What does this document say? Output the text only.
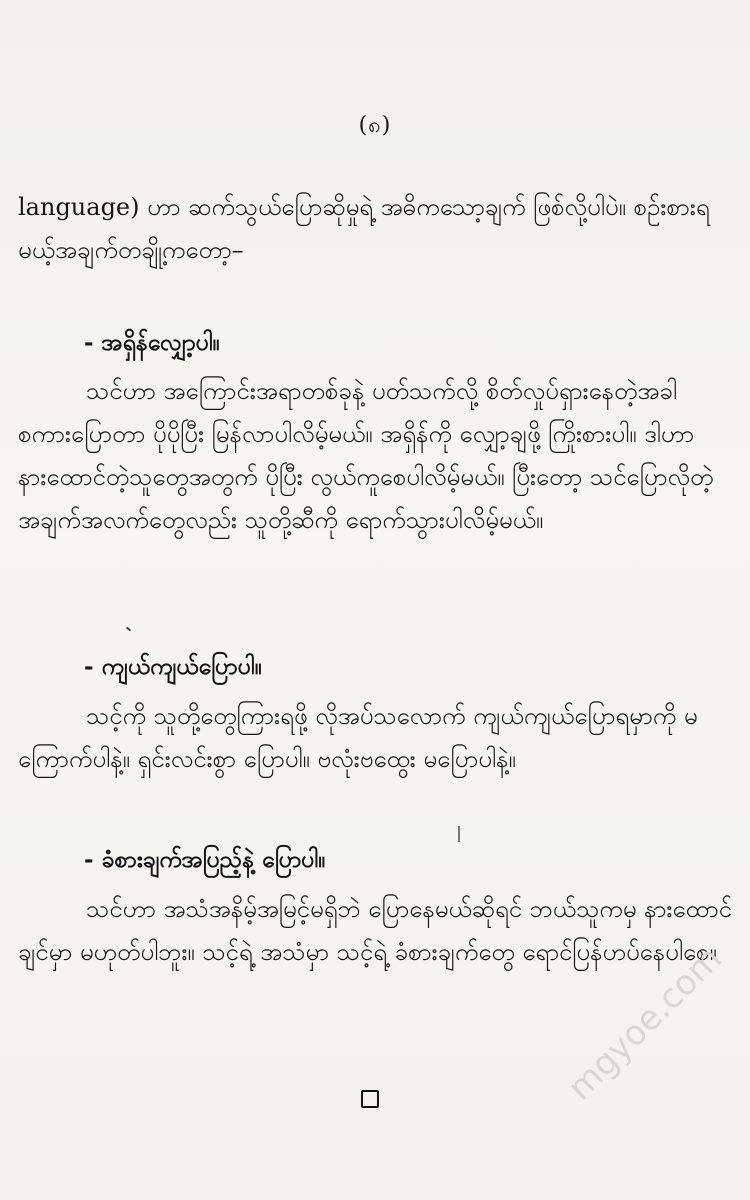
(၈)
language) ဟာ ဆက်သွယ်ပြောဆိုမှုရဲ့ အဓိကသော့ချက် ဖြစ်လို့ပါပဲ။ စဉ်းစားရမယ့်အချက်တချို့ကတော့–
- အရှိန်လျှော့ပါ။
သင်ဟာ အကြောင်းအရာတစ်ခုနဲ့ ပတ်သက်လို့ စိတ်လှုပ်ရှားနေတဲ့အခါ စကားပြောတာ ပိုပိုပြီး မြန်လာပါလိမ့်မယ်။ အရှိန်ကို လျှော့ချဖို့ ကြိုးစားပါ။ ဒါဟာ နားထောင်တဲ့သူတွေအတွက် ပိုပြီး လွယ်ကူစေပါလိမ့်မယ်။ ပြီးတော့ သင်ပြောလိုတဲ့ အချက်အလက်တွေလည်း သူတို့ဆီကို ရောက်သွားပါလိမ့်မယ်။
- ကျယ်ကျယ်ပြောပါ။
သင့်ကို သူတို့တွေကြားရဖို့ လိုအပ်သလောက် ကျယ်ကျယ်ပြောရမှာကို မကြောက်ပါနဲ့။ ရှင်းလင်းစွာ ပြောပါ။ ဗလုံးဗထွေး မပြောပါနဲ့။
- ခံစားချက်အပြည့်နဲ့ ပြောပါ။
သင်ဟာ အသံအနိမ့်အမြင့်မရှိဘဲ ပြောနေမယ်ဆိုရင် ဘယ်သူကမှ နားထောင်ချင်မှာ မဟုတ်ပါဘူး။ သင့်ရဲ့ အသံမှာ သင့်ရဲ့ ခံစားချက်တွေ ရောင်ပြန်ဟပ်နေပါစေ။
mgyoe.com
